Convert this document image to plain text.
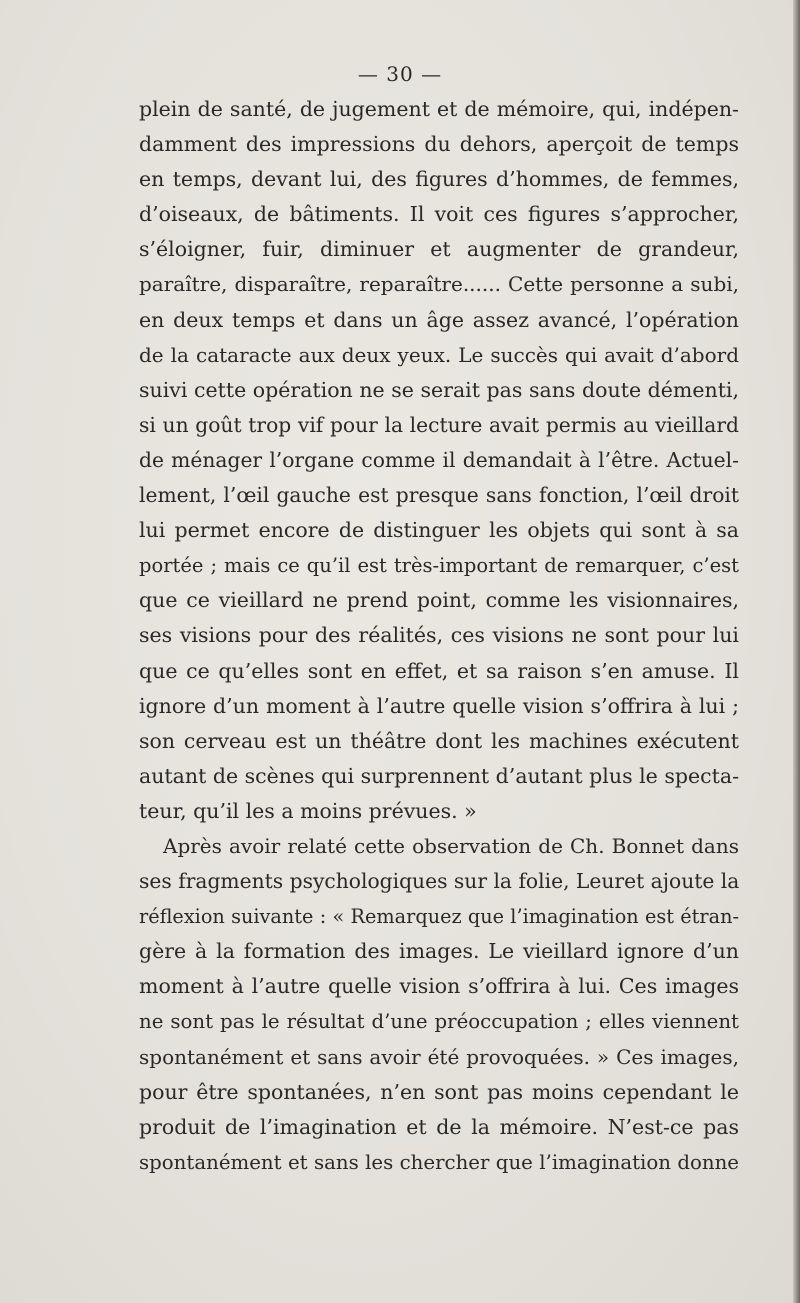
— 30 —
plein de santé, de jugement et de mémoire, qui, indépen-
damment des impressions du dehors, aperçoit de temps
en temps, devant lui, des figures d’hommes, de femmes,
d’oiseaux, de bâtiments. Il voit ces figures s’approcher,
s’éloigner, fuir, diminuer et augmenter de grandeur,
paraître, disparaître, reparaître...... Cette personne a subi,
en deux temps et dans un âge assez avancé, l’opération
de la cataracte aux deux yeux. Le succès qui avait d’abord
suivi cette opération ne se serait pas sans doute démenti,
si un goût trop vif pour la lecture avait permis au vieillard
de ménager l’organe comme il demandait à l’être. Actuel-
lement, l’œil gauche est presque sans fonction, l’œil droit
lui permet encore de distinguer les objets qui sont à sa
portée ; mais ce qu’il est très-important de remarquer, c’est
que ce vieillard ne prend point, comme les visionnaires,
ses visions pour des réalités, ces visions ne sont pour lui
que ce qu’elles sont en effet, et sa raison s’en amuse. Il
ignore d’un moment à l’autre quelle vision s’offrira à lui ;
son cerveau est un théâtre dont les machines exécutent
autant de scènes qui surprennent d’autant plus le specta-
teur, qu’il les a moins prévues. »
Après avoir relaté cette observation de Ch. Bonnet dans
ses fragments psychologiques sur la folie, Leuret ajoute la
réflexion suivante : « Remarquez que l’imagination est étran-
gère à la formation des images. Le vieillard ignore d’un
moment à l’autre quelle vision s’offrira à lui. Ces images
ne sont pas le résultat d’une préoccupation ; elles viennent
spontanément et sans avoir été provoquées. » Ces images,
pour être spontanées, n’en sont pas moins cependant le
produit de l’imagination et de la mémoire. N’est-ce pas
spontanément et sans les chercher que l’imagination donne
